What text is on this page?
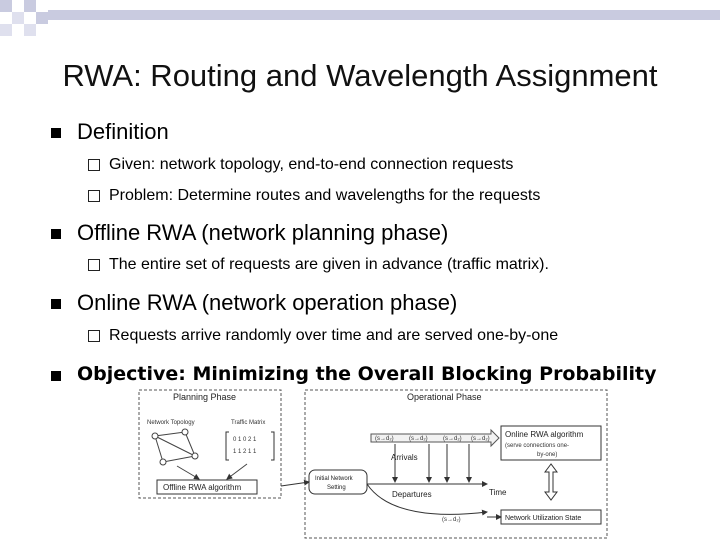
RWA: Routing and Wavelength Assignment
Definition
Given: network topology, end-to-end connection requests
Problem: Determine routes and wavelengths for the requests
Offline RWA (network planning phase)
The entire set of requests are given in advance (traffic matrix).
Online RWA (network operation phase)
Requests arrive randomly over time and are served one-by-one
Objective: Minimizing the Overall Blocking Probability
Planning Phase
Network Topology	Traffic Matrix
0 1 0 2 1
1 1 2 1 1
Offline RWA algorithm
Operational Phase
(s→d₂)	(s→d₂)	(s→d₂) (s→d₂)
Arrivals
Initial Network
Setting
Departures	Time
(s→d₂)
Online RWA algorithm
(serve connections one-
by-one)
Network Utilization State
